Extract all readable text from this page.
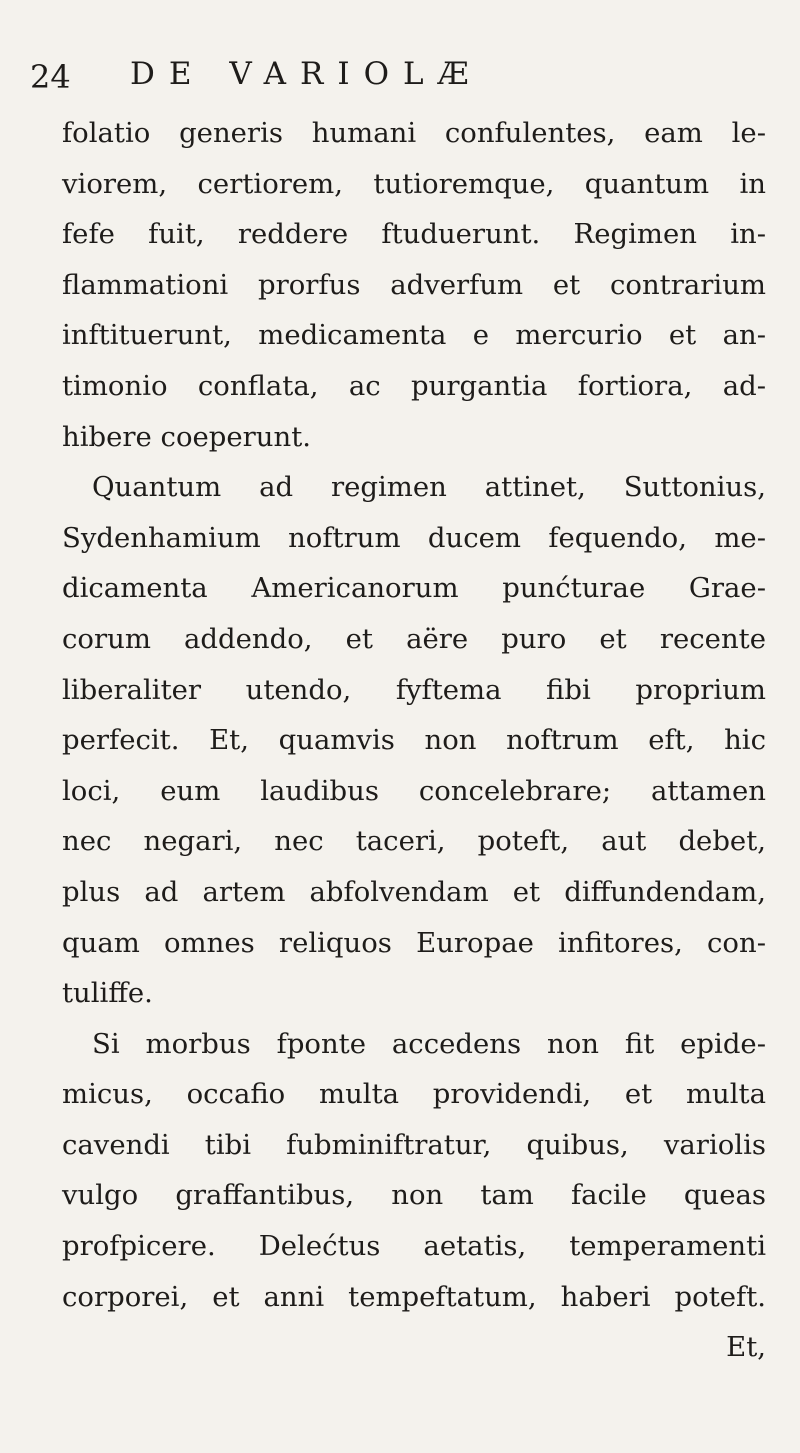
24 DE VARIOLÆ
folatio generis humani confulentes, eam le-
viorem, certiorem, tutioremque, quantum in
fefe fuit, reddere ftuduerunt. Regimen in-
flammationi prorfus adverfum et contrarium
inftituerunt, medicamenta e mercurio et an-
timonio conflata, ac purgantia fortiora, ad-
hibere coeperunt.
Quantum ad regimen attinet, Suttonius,
Sydenhamium noftrum ducem fequendo, me-
dicamenta Americanorum punćturae Grae-
corum addendo, et aëre puro et recente
liberaliter utendo, fyftema fibi proprium
perfecit. Et, quamvis non noftrum eft, hic
loci, eum laudibus concelebrare; attamen
nec negari, nec taceri, poteft, aut debet,
plus ad artem abfolvendam et diffundendam,
quam omnes reliquos Europae infitores, con-
tuliffe.
Si morbus fponte accedens non fit epide-
micus, occafio multa providendi, et multa
cavendi tibi fubminiftratur, quibus, variolis
vulgo graffantibus, non tam facile queas
profpicere. Delećtus aetatis, temperamenti
corporei, et anni tempeftatum, haberi poteft.
Et,
